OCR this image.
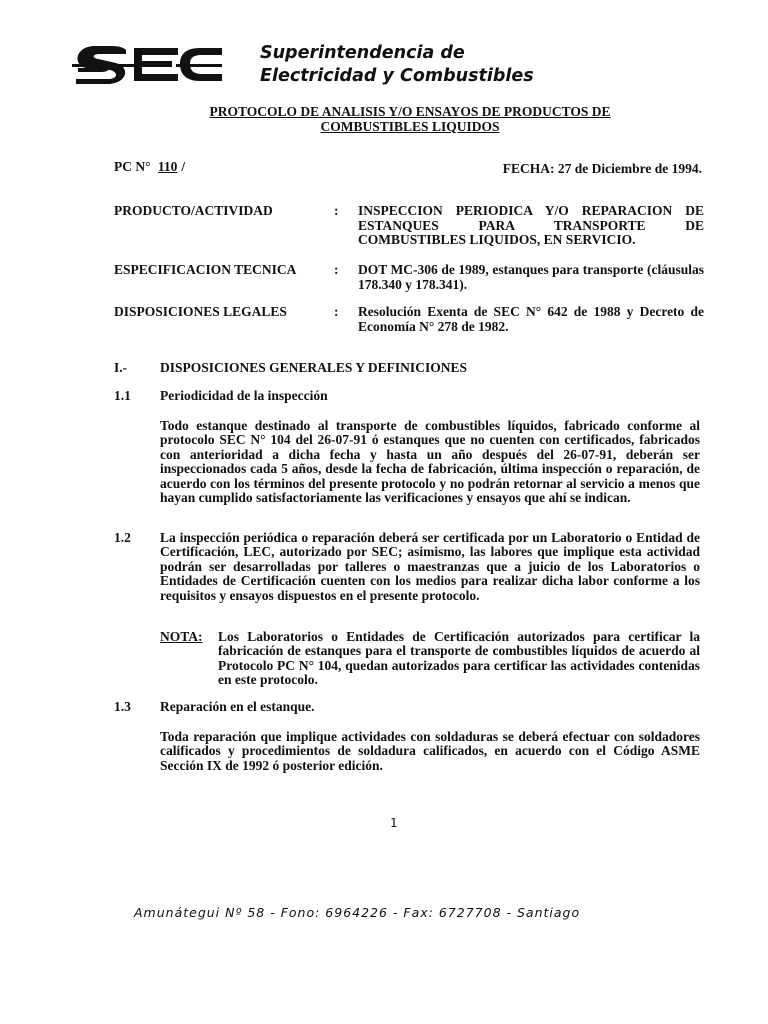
Superintendencia de
Electricidad y Combustibles
PROTOCOLO DE ANALISIS Y/O ENSAYOS DE PRODUCTOS DE
COMBUSTIBLES LIQUIDOS
PC N° 110 /	FECHA: 27 de Diciembre de 1994.
PRODUCTO/ACTIVIDAD	: INSPECCION PERIODICA Y/O REPARACION DE ESTANQUES PARA TRANSPORTE DE COMBUSTIBLES LIQUIDOS, EN SERVICIO.
ESPECIFICACION TECNICA	: DOT MC-306 de 1989, estanques para transporte (cláusulas 178.340 y 178.341).
DISPOSICIONES LEGALES	: Resolución Exenta de SEC N° 642 de 1988 y Decreto de Economía N° 278 de 1982.
I.- DISPOSICIONES GENERALES Y DEFINICIONES
1.1 Periodicidad de la inspección
Todo estanque destinado al transporte de combustibles líquidos, fabricado conforme al protocolo SEC N° 104 del 26-07-91 ó estanques que no cuenten con certificados, fabricados con anterioridad a dicha fecha y hasta un año después del 26-07-91, deberán ser inspeccionados cada 5 años, desde la fecha de fabricación, última inspección o reparación, de acuerdo con los términos del presente protocolo y no podrán retornar al servicio a menos que hayan cumplido satisfactoriamente las verificaciones y ensayos que ahí se indican.
1.2 La inspección periódica o reparación deberá ser certificada por un Laboratorio o Entidad de Certificación, LEC, autorizado por SEC; asimismo, las labores que implique esta actividad podrán ser desarrolladas por talleres o maestranzas que a juicio de los Laboratorios o Entidades de Certificación cuenten con los medios para realizar dicha labor conforme a los requisitos y ensayos dispuestos en el presente protocolo.
NOTA: Los Laboratorios o Entidades de Certificación autorizados para certificar la fabricación de estanques para el transporte de combustibles líquidos de acuerdo al Protocolo PC N° 104, quedan autorizados para certificar las actividades contenidas en este protocolo.
1.3 Reparación en el estanque.
Toda reparación que implique actividades con soldaduras se deberá efectuar con soldadores calificados y procedimientos de soldadura calificados, en acuerdo con el Código ASME Sección IX de 1992 ó posterior edición.
1
Amunátegui Nº 58 - Fono: 6964226 - Fax: 6727708 - Santiago
